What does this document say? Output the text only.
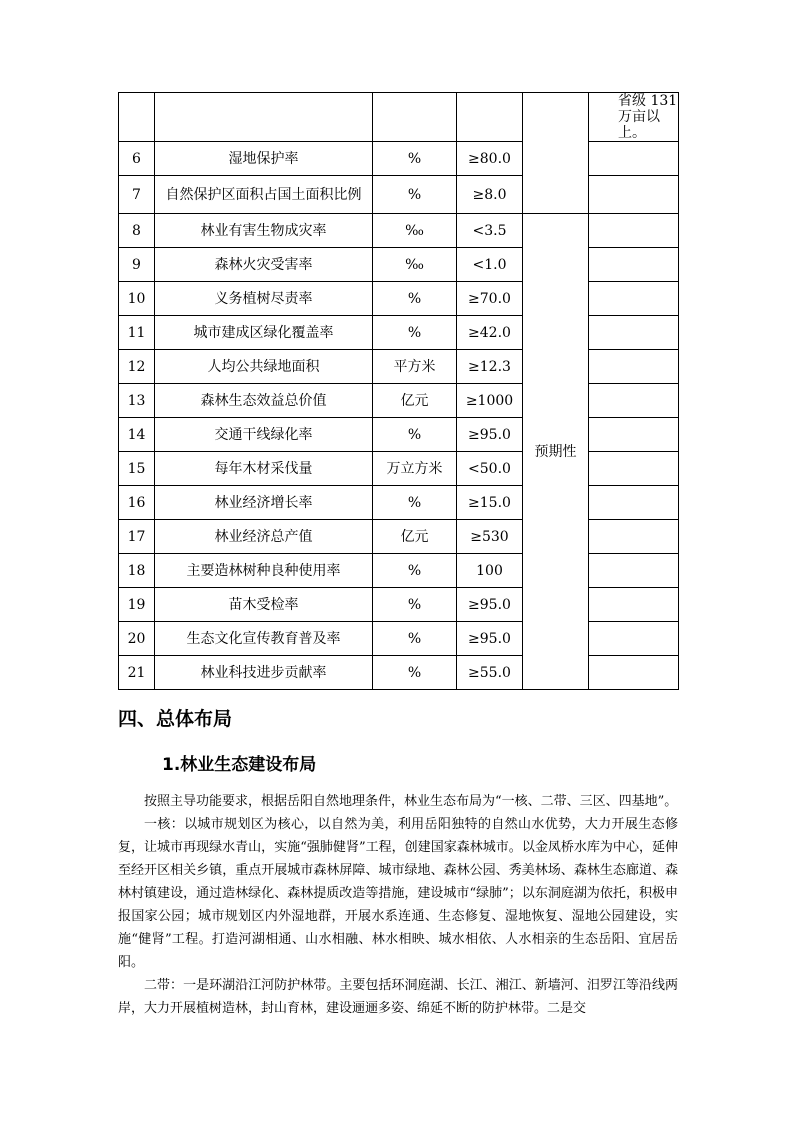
					省级 131 万亩以上。
6	湿地保护率	%	≥80.0		
7	自然保护区面积占国土面积比例	%	≥8.0		
8	林业有害生物成灾率	‰	<3.5	预期性	
9	森林火灾受害率	‰	<1.0		
10	义务植树尽责率	%	≥70.0		
11	城市建成区绿化覆盖率	%	≥42.0		
12	人均公共绿地面积	平方米	≥12.3		
13	森林生态效益总价值	亿元	≥1000		
14	交通干线绿化率	%	≥95.0		
15	每年木材采伐量	万立方米	<50.0		
16	林业经济增长率	%	≥15.0		
17	林业经济总产值	亿元	≥530		
18	主要造林树种良种使用率	%	100		
19	苗木受检率	%	≥95.0		
20	生态文化宣传教育普及率	%	≥95.0		
21	林业科技进步贡献率	%	≥55.0		
四、总体布局
1.林业生态建设布局

按照主导功能要求，根据岳阳自然地理条件，林业生态布局为“一核、二带、三区、四基地”。

一核：以城市规划区为核心，以自然为美，利用岳阳独特的自然山水优势，大力开展生态修复，让城市再现绿水青山，实施“强肺健肾”工程，创建国家森林城市。以金凤桥水库为中心，延伸至经开区相关乡镇，重点开展城市森林屏障、城市绿地、森林公园、秀美林场、森林生态廊道、森林村镇建设，通过造林绿化、森林提质改造等措施，建设城市“绿肺”；以东洞庭湖为依托，积极申报国家公园；城市规划区内外湿地群，开展水系连通、生态修复、湿地恢复、湿地公园建设，实施“健肾”工程。打造河湖相通、山水相融、林水相映、城水相依、人水相亲的生态岳阳、宜居岳阳。

二带：一是环湖沿江河防护林带。主要包括环洞庭湖、长江、湘江、新墙河、汨罗江等沿线两岸，大力开展植树造林，封山育林，建设逦逦多姿、绵延不断的防护林带。二是交
